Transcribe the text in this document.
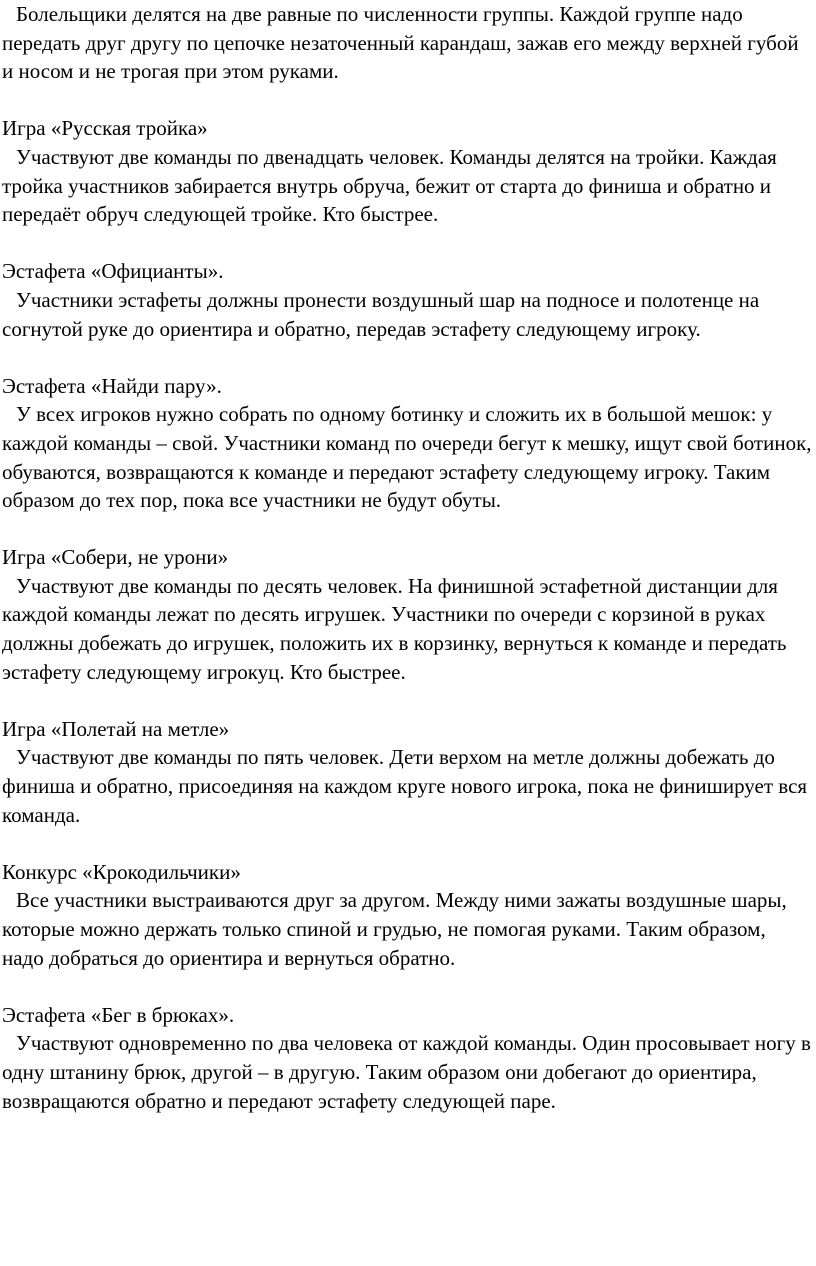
Болельщики делятся на две равные по численности группы. Каждой группе надо передать друг другу по цепочке незаточенный карандаш, зажав его между верхней губой и носом и не трогая при этом руками.

Игра «Русская тройка»

Участвуют две команды по двенадцать человек. Команды делятся на тройки. Каждая тройка участников забирается внутрь обруча, бежит от старта до финиша и обратно и передаёт обруч следующей тройке. Кто быстрее.

Эстафета «Официанты».

Участники эстафеты должны пронести воздушный шар на подносе и полотенце на согнутой руке до ориентира и обратно, передав эстафету следующему игроку.

Эстафета «Найди пару».

У всех игроков нужно собрать по одному ботинку и сложить их в большой мешок: у каждой команды – свой. Участники команд по очереди бегут к мешку, ищут свой ботинок, обуваются, возвращаются к команде и передают эстафету следующему игроку. Таким образом до тех пор, пока все участники не будут обуты.

Игра «Собери, не урони»

Участвуют две команды по десять человек. На финишной эстафетной дистанции для каждой команды лежат по десять игрушек. Участники по очереди с корзиной в руках должны добежать до игрушек, положить их в корзинку, вернуться к команде и передать эстафету следующему игрокуц. Кто быстрее.

Игра «Полетай на метле»

Участвуют две команды по пять человек. Дети верхом на метле должны добежать до финиша и обратно, присоединяя на каждом круге нового игрока, пока не финиширует вся команда.

Конкурс «Крокодильчики»

Все участники выстраиваются друг за другом. Между ними зажаты воздушные шары, которые можно держать только спиной и грудью, не помогая руками. Таким образом, надо добраться до ориентира и вернуться обратно.

Эстафета «Бег в брюках».

Участвуют одновременно по два человека от каждой команды. Один просовывает ногу в одну штанину брюк, другой – в другую. Таким образом они добегают до ориентира, возвращаются обратно и передают эстафету следующей паре.
